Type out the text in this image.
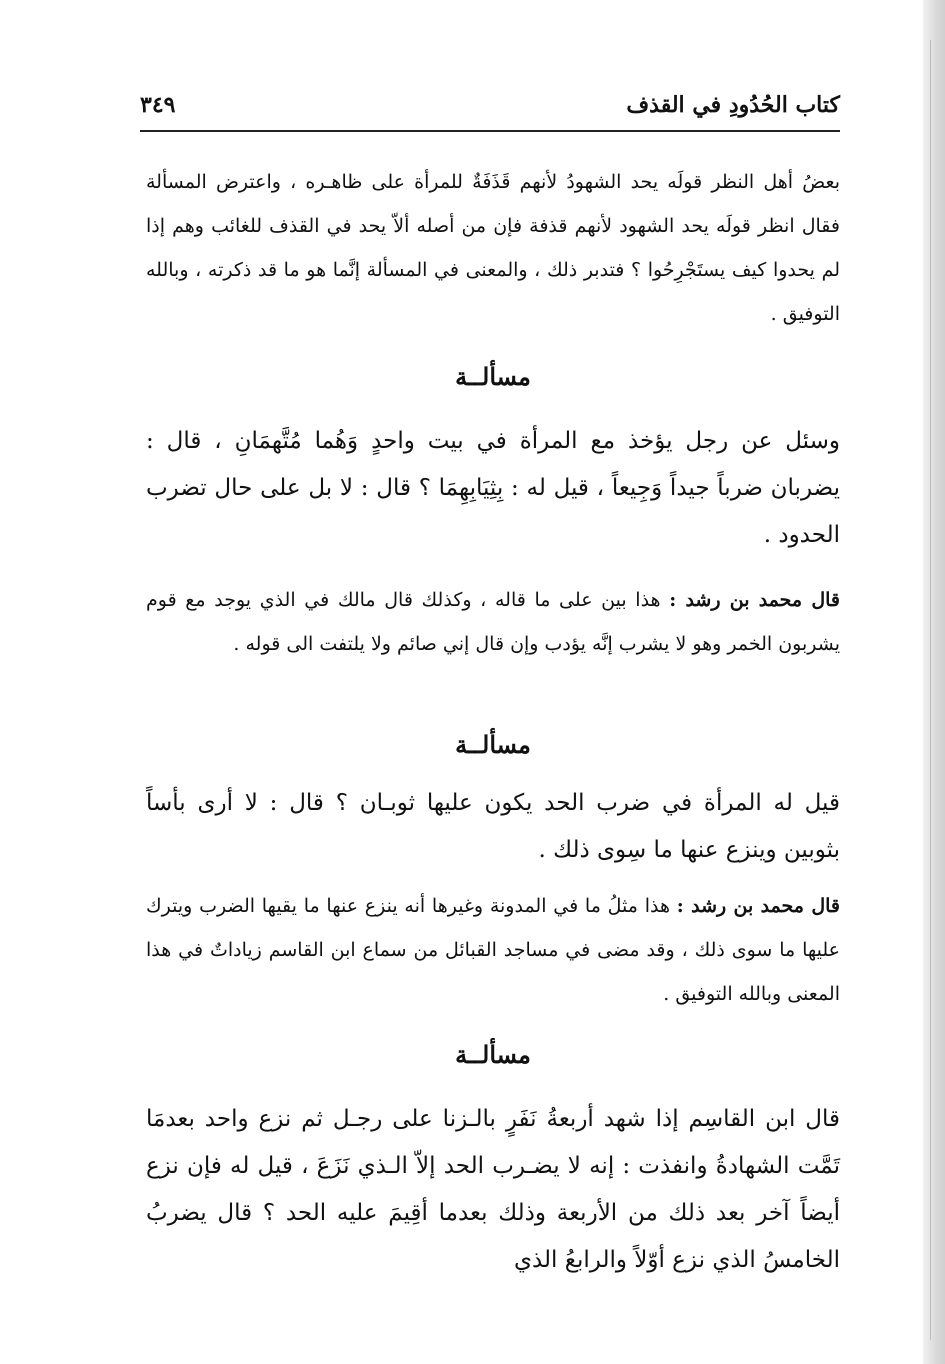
كتاب الحُدُودِ في القذف
٣٤٩

بعضُ أهل النظر قولَه يحد الشهودُ لأنهم قَذَفَةٌ للمرأة على ظاهـره ، واعترض المسألة فقال انظر قولَه يحد الشهود لأنهم قذفة فإن من أصله ألاّ يحد في القذف للغائب وهم إذا لم يحدوا كيف يستَجْرِحُوا ؟ فتدبر ذلك ، والمعنى في المسألة إنَّما هو ما قد ذكرته ، وبالله التوفيق .

مسألــة

وسئل عن رجل يؤخذ مع المرأة في بيت واحدٍ وَهُما مُتَّهمَانِ ، قال : يضربان ضرباً جيداً وَجِيعاً ، قيل له : بِثِيَابِهِمَا ؟ قال : لا بل على حال تضرب الحدود .

قال محمد بن رشد : هذا بين على ما قاله ، وكذلك قال مالك في الذي يوجد مع قوم يشربون الخمر وهو لا يشرب إنَّه يؤدب وإن قال إني صائم ولا يلتفت الى قوله .

مسألــة

قيل له المرأة في ضرب الحد يكون عليها ثوبـان ؟ قال : لا أرى بأساً بثوبين وينزع عنها ما سِوى ذلك .

قال محمد بن رشد : هذا مثلُ ما في المدونة وغيرها أنه ينزع عنها ما يقيها الضرب ويترك عليها ما سوى ذلك ، وقد مضى في مساجد القبائل من سماع ابن القاسم زياداتٌ في هذا المعنى وبالله التوفيق .

مسألــة

قال ابن القاسِم إذا شهد أربعةُ نَفَرٍ بالـزنا على رجـل ثم نزع واحد بعدمَا تَمَّت الشهادةُ وانفذت : إنه لا يضـرب الحد إلاّ الـذي نَزَعَ ، قيل له فإن نزع أيضاً آخر بعد ذلك من الأربعة وذلك بعدما أقِيمَ عليه الحد ؟ قال يضربُ الخامسُ الذي نزع أوّلاً والرابعُ الذي
